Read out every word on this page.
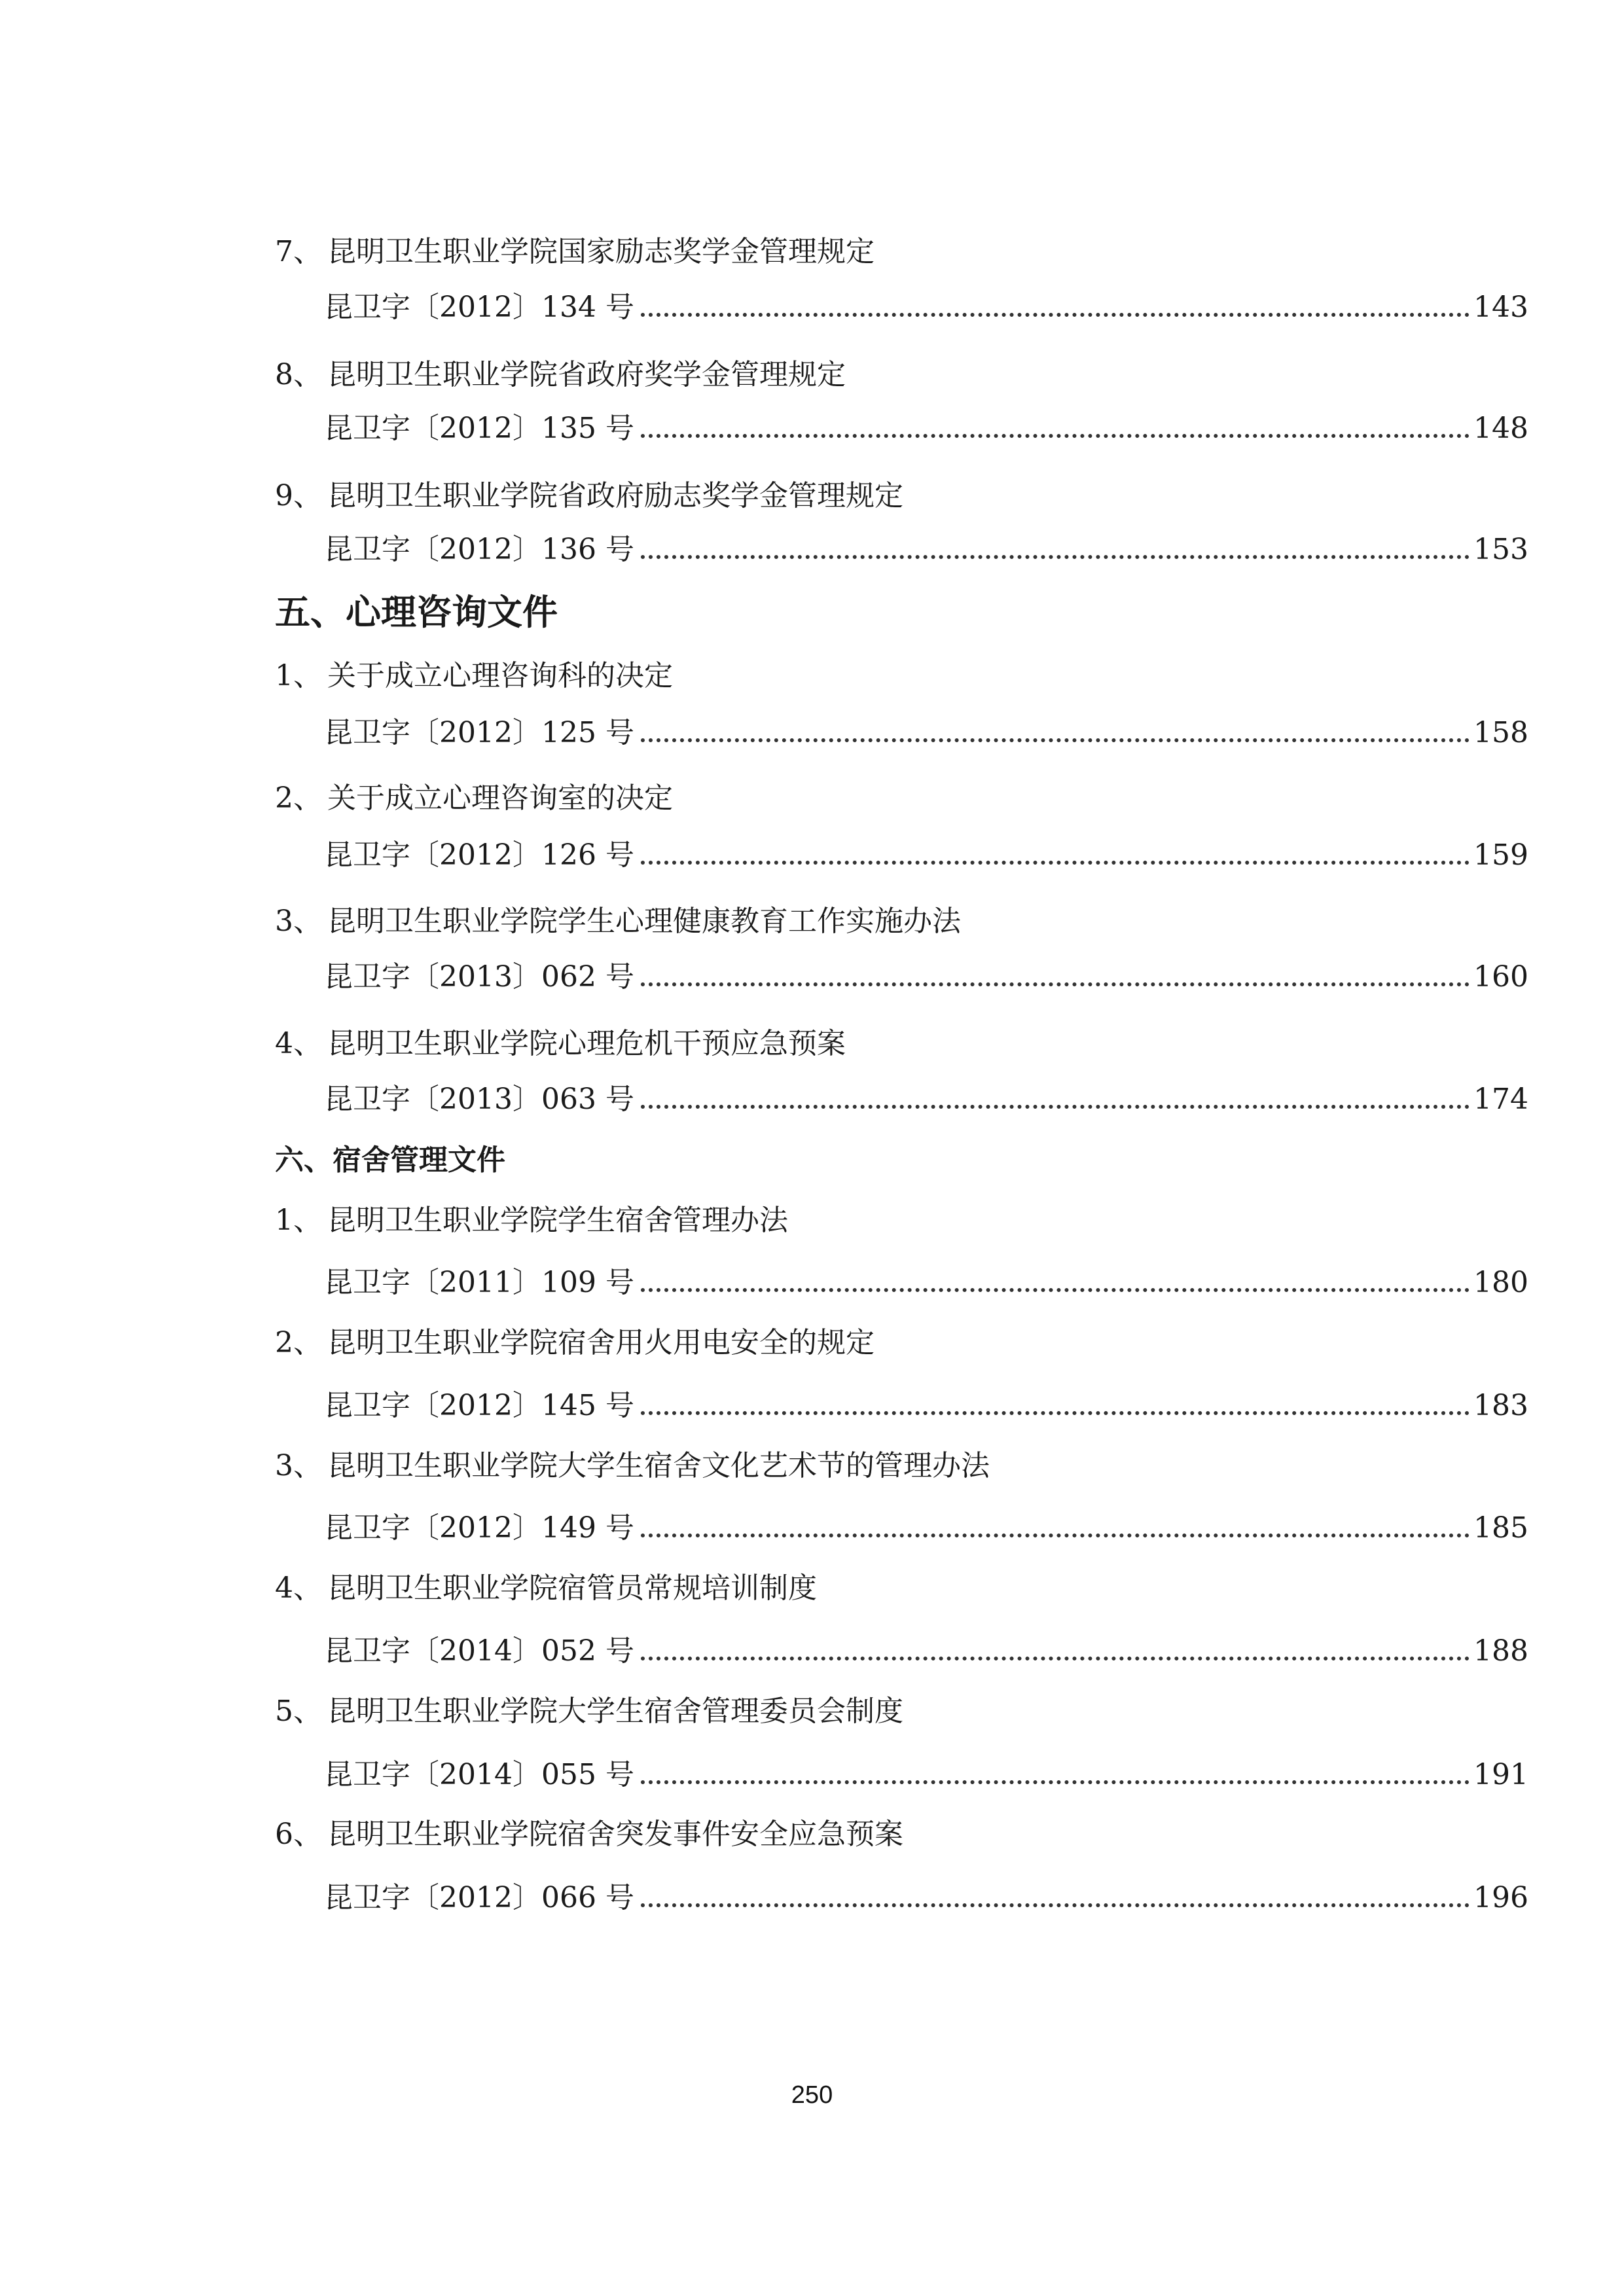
7、 昆明卫生职业学院国家励志奖学金管理规定
昆卫字〔2012〕134 号	143
8、 昆明卫生职业学院省政府奖学金管理规定
昆卫字〔2012〕135 号	148
9、 昆明卫生职业学院省政府励志奖学金管理规定
昆卫字〔2012〕136 号	153
五、心理咨询文件
1、 关于成立心理咨询科的决定
昆卫字〔2012〕125 号	158
2、 关于成立心理咨询室的决定
昆卫字〔2012〕126 号	159
3、 昆明卫生职业学院学生心理健康教育工作实施办法
昆卫字〔2013〕062 号	160
4、 昆明卫生职业学院心理危机干预应急预案
昆卫字〔2013〕063 号	174
六、宿舍管理文件
1、 昆明卫生职业学院学生宿舍管理办法
昆卫字〔2011〕109 号	180
2、 昆明卫生职业学院宿舍用火用电安全的规定
昆卫字〔2012〕145 号	183
3、 昆明卫生职业学院大学生宿舍文化艺术节的管理办法
昆卫字〔2012〕149 号	185
4、 昆明卫生职业学院宿管员常规培训制度
昆卫字〔2014〕052 号	188
5、 昆明卫生职业学院大学生宿舍管理委员会制度
昆卫字〔2014〕055 号	191
6、 昆明卫生职业学院宿舍突发事件安全应急预案
昆卫字〔2012〕066 号	196
250
